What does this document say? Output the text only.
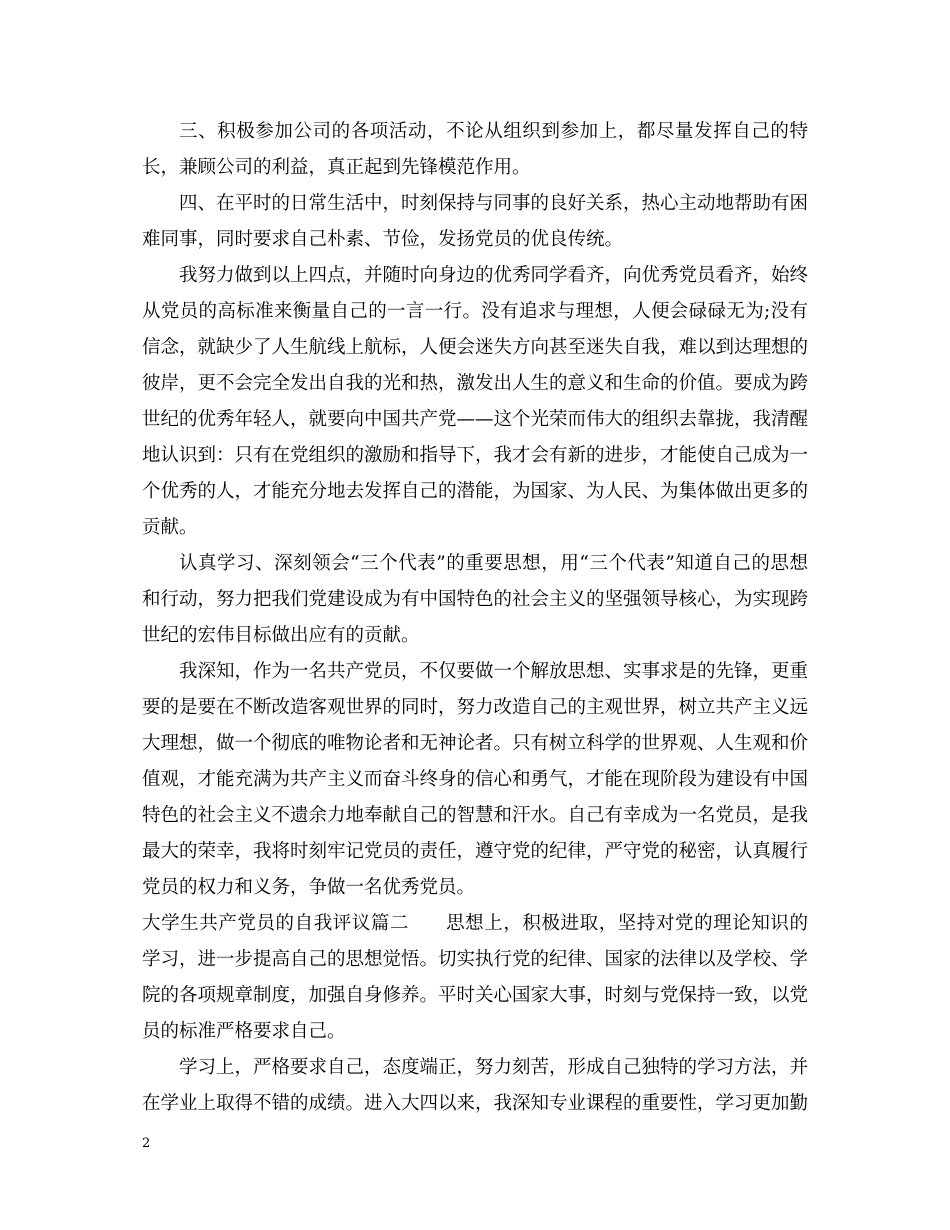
三、积极参加公司的各项活动，不论从组织到参加上，都尽量发挥自己的特长，兼顾公司的利益，真正起到先锋模范作用。

四、在平时的日常生活中，时刻保持与同事的良好关系，热心主动地帮助有困难同事，同时要求自己朴素、节俭，发扬党员的优良传统。

我努力做到以上四点，并随时向身边的优秀同学看齐，向优秀党员看齐，始终从党员的高标准来衡量自己的一言一行。没有追求与理想，人便会碌碌无为;没有信念，就缺少了人生航线上航标，人便会迷失方向甚至迷失自我，难以到达理想的彼岸，更不会完全发出自我的光和热，激发出人生的意义和生命的价值。要成为跨世纪的优秀年轻人，就要向中国共产党——这个光荣而伟大的组织去靠拢，我清醒地认识到：只有在党组织的激励和指导下，我才会有新的进步，才能使自己成为一个优秀的人，才能充分地去发挥自己的潜能，为国家、为人民、为集体做出更多的贡献。

认真学习、深刻领会“三个代表”的重要思想，用“三个代表”知道自己的思想和行动，努力把我们党建设成为有中国特色的社会主义的坚强领导核心，为实现跨世纪的宏伟目标做出应有的贡献。

我深知，作为一名共产党员，不仅要做一个解放思想、实事求是的先锋，更重要的是要在不断改造客观世界的同时，努力改造自己的主观世界，树立共产主义远大理想，做一个彻底的唯物论者和无神论者。只有树立科学的世界观、人生观和价值观，才能充满为共产主义而奋斗终身的信心和勇气，才能在现阶段为建设有中国特色的社会主义不遗余力地奉献自己的智慧和汗水。自己有幸成为一名党员，是我最大的荣幸，我将时刻牢记党员的责任，遵守党的纪律，严守党的秘密，认真履行党员的权力和义务，争做一名优秀党员。

大学生共产党员的自我评议篇二 思想上，积极进取，坚持对党的理论知识的学习，进一步提高自己的思想觉悟。切实执行党的纪律、国家的法律以及学校、学院的各项规章制度，加强自身修养。平时关心国家大事，时刻与党保持一致，以党员的标准严格要求自己。

学习上，严格要求自己，态度端正，努力刻苦，形成自己独特的学习方法，并在学业上取得不错的成绩。进入大四以来，我深知专业课程的重要性，学习更加勤

2
